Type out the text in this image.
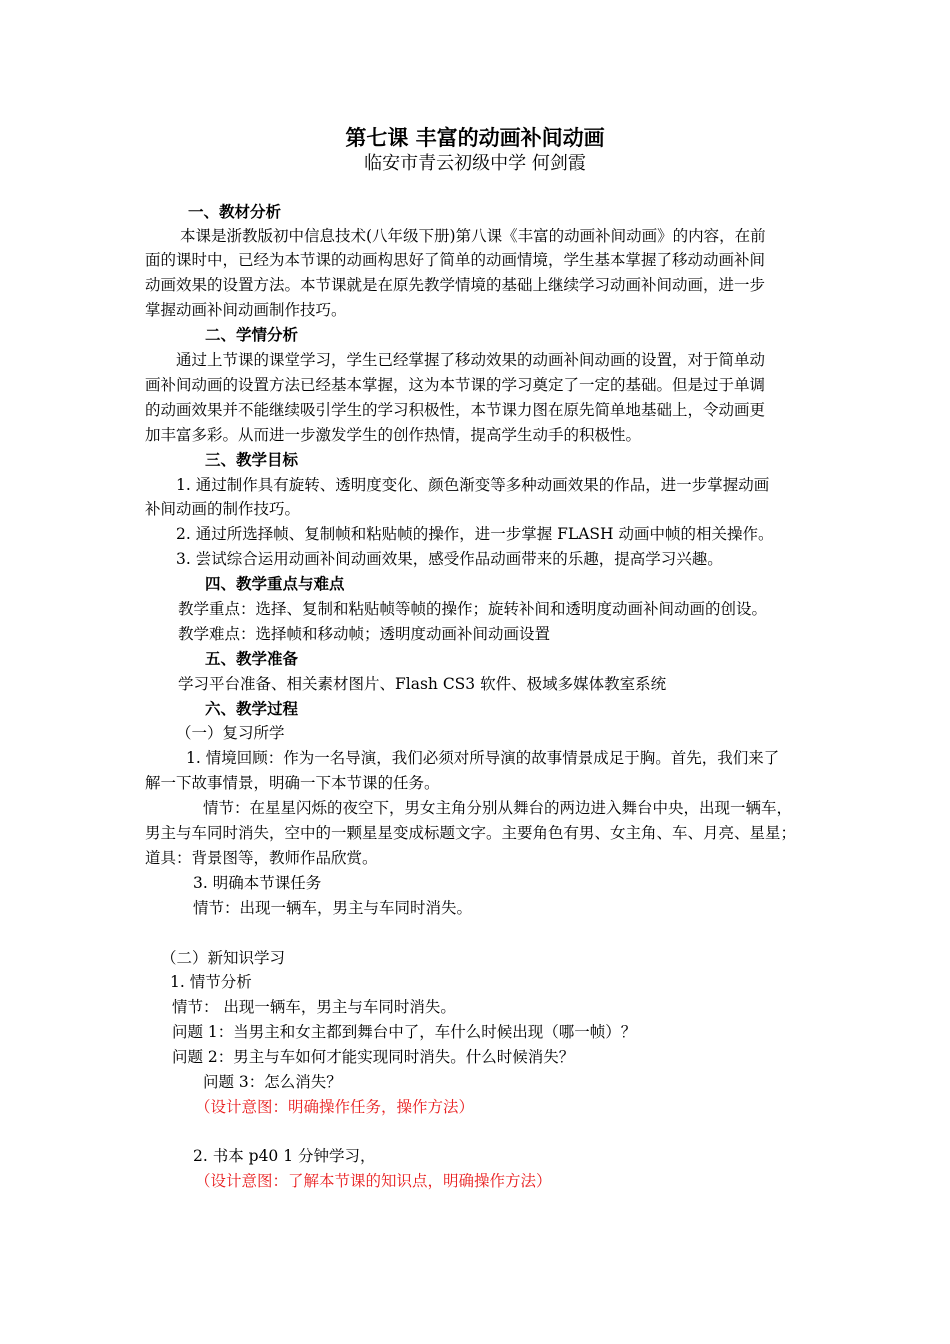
第七课 丰富的动画补间动画
临安市青云初级中学 何剑霞
一、教材分析
本课是浙教版初中信息技术(八年级下册)第八课《丰富的动画补间动画》的内容，在前
面的课时中，已经为本节课的动画构思好了简单的动画情境，学生基本掌握了移动动画补间
动画效果的设置方法。本节课就是在原先教学情境的基础上继续学习动画补间动画，进一步
掌握动画补间动画制作技巧。
二、学情分析
通过上节课的课堂学习，学生已经掌握了移动效果的动画补间动画的设置，对于简单动
画补间动画的设置方法已经基本掌握，这为本节课的学习奠定了一定的基础。但是过于单调
的动画效果并不能继续吸引学生的学习积极性，本节课力图在原先简单地基础上，令动画更
加丰富多彩。从而进一步激发学生的创作热情，提高学生动手的积极性。
三、教学目标
1. 通过制作具有旋转、透明度变化、颜色渐变等多种动画效果的作品，进一步掌握动画
补间动画的制作技巧。
2. 通过所选择帧、复制帧和粘贴帧的操作，进一步掌握 FLASH 动画中帧的相关操作。
3. 尝试综合运用动画补间动画效果，感受作品动画带来的乐趣，提高学习兴趣。
四、教学重点与难点
教学重点：选择、复制和粘贴帧等帧的操作；旋转补间和透明度动画补间动画的创设。
教学难点：选择帧和移动帧；透明度动画补间动画设置
五、教学准备
学习平台准备、相关素材图片、Flash CS3 软件、极域多媒体教室系统
六、教学过程
（一）复习所学
1. 情境回顾：作为一名导演，我们必须对所导演的故事情景成足于胸。首先，我们来了
解一下故事情景，明确一下本节课的任务。
情节：在星星闪烁的夜空下，男女主角分别从舞台的两边进入舞台中央，出现一辆车，
男主与车同时消失，空中的一颗星星变成标题文字。主要角色有男、女主角、车、月亮、星星；
道具：背景图等，教师作品欣赏。
3. 明确本节课任务
情节：出现一辆车，男主与车同时消失。
（二）新知识学习
1. 情节分析
情节： 出现一辆车，男主与车同时消失。
问题 1：当男主和女主都到舞台中了，车什么时候出现（哪一帧）？
问题 2：男主与车如何才能实现同时消失。什么时候消失？
问题 3：怎么消失？
（设计意图：明确操作任务，操作方法）
2. 书本 p40 1 分钟学习，
（设计意图：了解本节课的知识点，明确操作方法）
